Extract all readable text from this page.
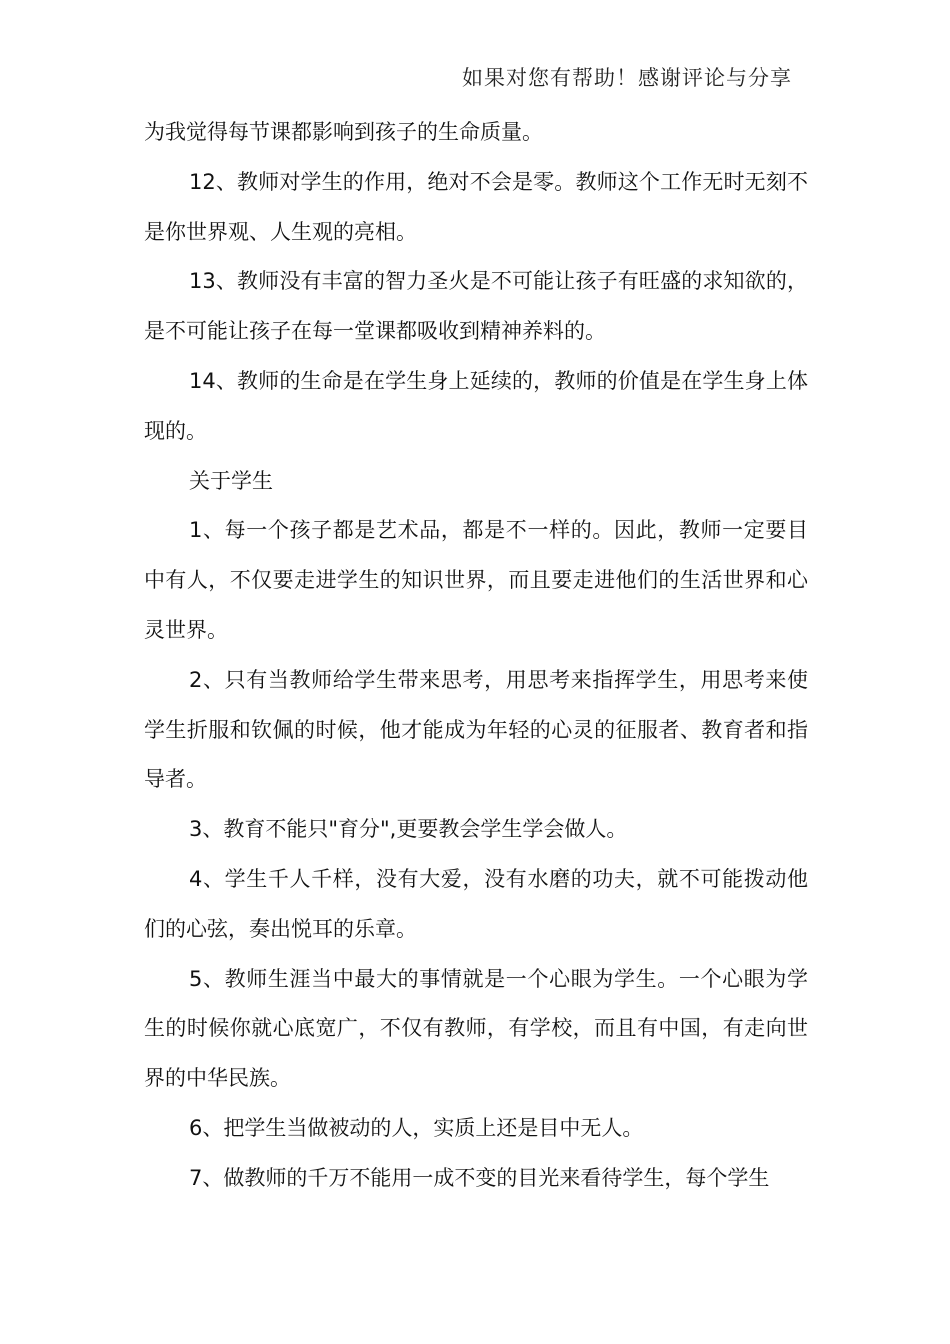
如果对您有帮助！感谢评论与分享

为我觉得每节课都影响到孩子的生命质量。

12、教师对学生的作用，绝对不会是零。教师这个工作无时无刻不是你世界观、人生观的亮相。

13、教师没有丰富的智力圣火是不可能让孩子有旺盛的求知欲的，是不可能让孩子在每一堂课都吸收到精神养料的。

14、教师的生命是在学生身上延续的，教师的价值是在学生身上体现的。

关于学生

1、每一个孩子都是艺术品，都是不一样的。因此，教师一定要目中有人，不仅要走进学生的知识世界，而且要走进他们的生活世界和心灵世界。

2、只有当教师给学生带来思考，用思考来指挥学生，用思考来使学生折服和钦佩的时候，他才能成为年轻的心灵的征服者、教育者和指导者。

3、教育不能只"育分",更要教会学生学会做人。

4、学生千人千样，没有大爱，没有水磨的功夫，就不可能拨动他们的心弦，奏出悦耳的乐章。

5、教师生涯当中最大的事情就是一个心眼为学生。一个心眼为学生的时候你就心底宽广，不仅有教师，有学校，而且有中国，有走向世界的中华民族。

6、把学生当做被动的人，实质上还是目中无人。

7、做教师的千万不能用一成不变的目光来看待学生，每个学生
